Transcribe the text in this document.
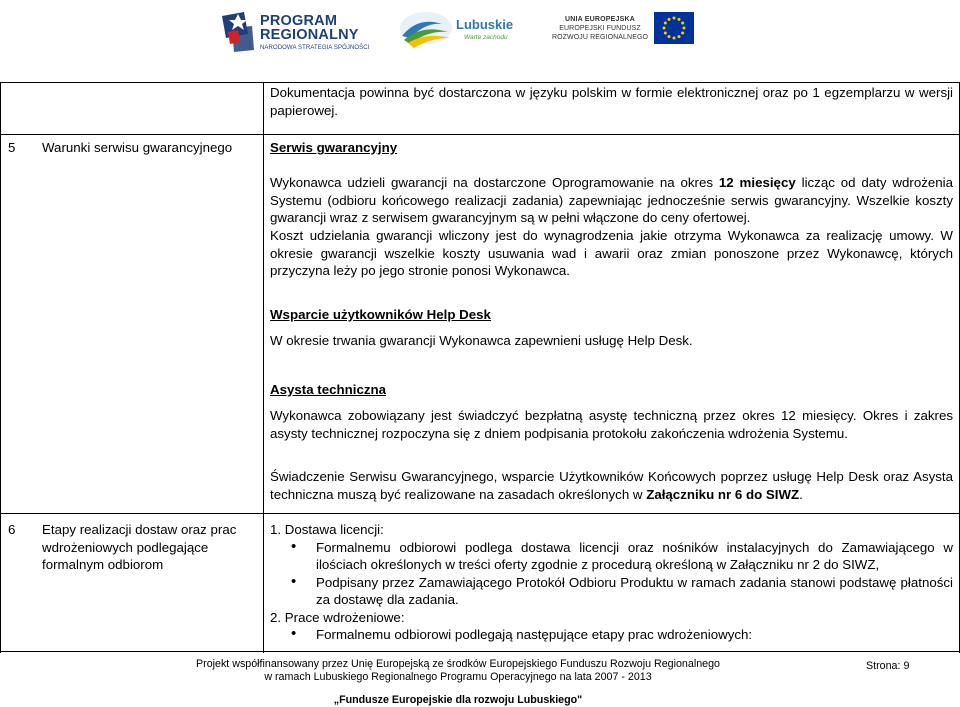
PROGRAM
REGIONALNY
NARODOWA STRATEGIA SPÓJNOŚCI
Lubuskie
Warte zachodu
UNIA EUROPEJSKA
EUROPEJSKI FUNDUSZ
ROZWOJU REGIONALNEGO
Dokumentacja powinna być dostarczona w języku polskim w formie elektronicznej oraz po 1 egzemplarzu w wersji papierowej.
5 Warunki serwisu gwarancyjnego	Serwis gwarancyjny
Wykonawca udzieli gwarancji na dostarczone Oprogramowanie na okres 12 miesięcy licząc od daty wdrożenia Systemu (odbioru końcowego realizacji zadania) zapewniając jednocześnie serwis gwarancyjny. Wszelkie koszty gwarancji wraz z serwisem gwarancyjnym są w pełni włączone do ceny ofertowej.
Koszt udzielania gwarancji wliczony jest do wynagrodzenia jakie otrzyma Wykonawca za realizację umowy. W okresie gwarancji wszelkie koszty usuwania wad i awarii oraz zmian ponoszone przez Wykonawcę, których przyczyna leży po jego stronie ponosi Wykonawca.
Wsparcie użytkowników Help Desk
W okresie trwania gwarancji Wykonawca zapewnieni usługę Help Desk.
Asysta techniczna
Wykonawca zobowiązany jest świadczyć bezpłatną asystę techniczną przez okres 12 miesięcy. Okres i zakres asysty technicznej rozpoczyna się z dniem podpisania protokołu zakończenia wdrożenia Systemu.
Świadczenie Serwisu Gwarancyjnego, wsparcie Użytkowników Końcowych poprzez usługę Help Desk oraz Asysta techniczna muszą być realizowane na zasadach określonych w Załączniku nr 6 do SIWZ.
6 Etapy realizacji dostaw oraz prac wdrożeniowych podlegające formalnym odbiorom
1. Dostawa licencji:
• Formalnemu odbiorowi podlega dostawa licencji oraz nośników instalacyjnych do Zamawiającego w ilościach określonych w treści oferty zgodnie z procedurą określoną w Załączniku nr 2 do SIWZ,
• Podpisany przez Zamawiającego Protokół Odbioru Produktu w ramach zadania stanowi podstawę płatności za dostawę dla zadania.
2. Prace wdrożeniowe:
• Formalnemu odbiorowi podlegają następujące etapy prac wdrożeniowych:
Projekt współfinansowany przez Unię Europejską ze środków Europejskiego Funduszu Rozwoju Regionalnego
w ramach Lubuskiego Regionalnego Programu Operacyjnego na lata 2007 - 2013
Strona: 9
„Fundusze Europejskie dla rozwoju Lubuskiego"
